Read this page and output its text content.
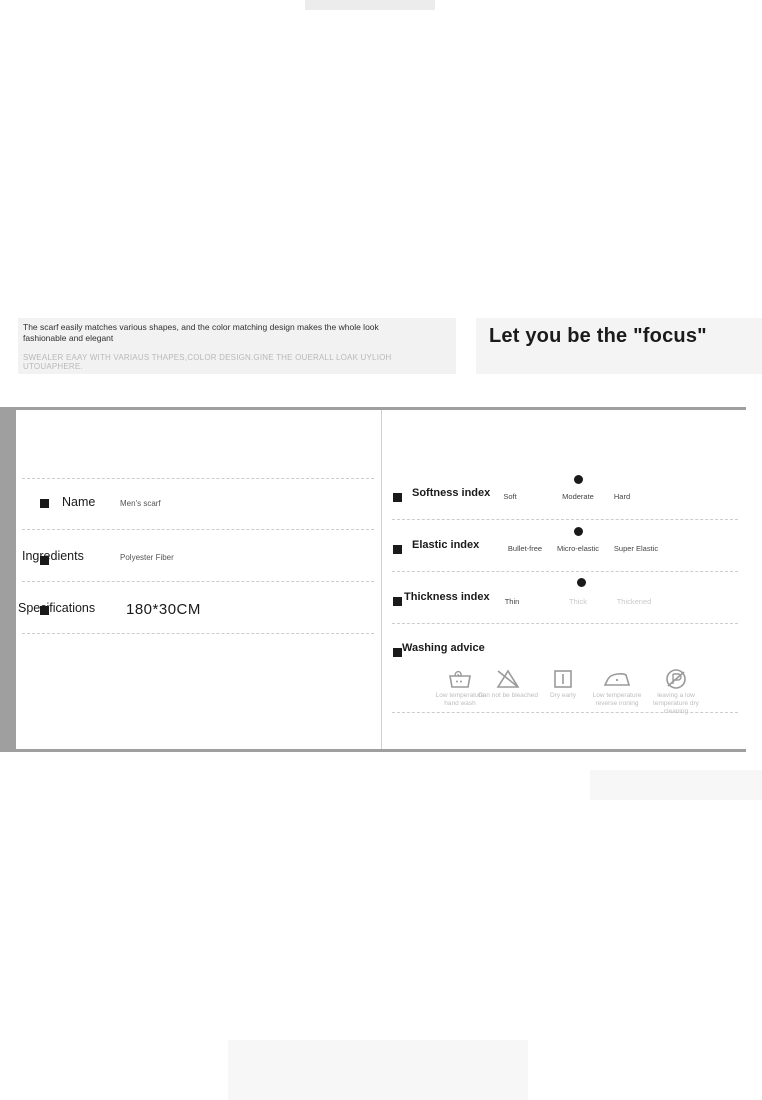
The scarf easily matches various shapes, and the color matching design makes the whole look fashionable and elegant
SWEALER EAAY WITH VARIAUS THAPES,COLOR DESIGN.GINE THE OUERALL LOAK UYLIOH UTOUAPHERE.
Let you be the "focus"
Name	Men's scarf
Ingredients	Polyester Fiber
Specifications 180*30CM
Softness index	Soft	Moderate	Hard
Elastic index	Bullet-free	Micro-elastic	Super Elastic
Thickness index	Thin	Thick	Thickened
Washing advice
Low temperature hand wash
Can not be bleached	Dry early	Low temperature reverse ironing
leaving a low temperature dry cleaning
